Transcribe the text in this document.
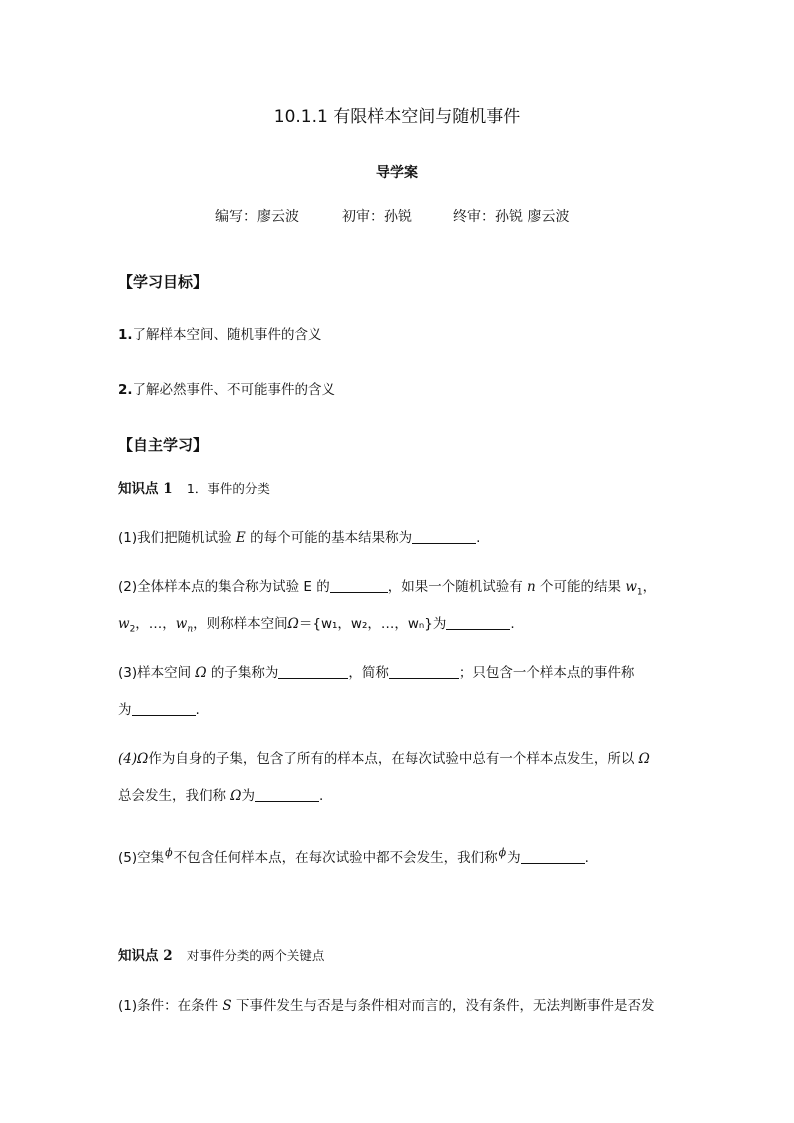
10.1.1 有限样本空间与随机事件
导学案
编写：廖云波	初审：孙锐	终审：孙锐 廖云波
【学习目标】
1.了解样本空间、随机事件的含义
2.了解必然事件、不可能事件的含义
【自主学习】
知识点 1 1．事件的分类
(1)我们把随机试验 E 的每个可能的基本结果称为	.
(2)全体样本点的集合称为试验 E 的	，如果一个随机试验有 n 个可能的结果 $w_1$，
$w_2$，…，$w_n$，则称样本空间Ω＝{w₁，w₂，…，wₙ}为	.
(3)样本空间 Ω 的子集称为	，简称	；只包含一个样本点的事件称
为	.
(4)Ω作为自身的子集，包含了所有的样本点，在每次试验中总有一个样本点发生，所以 Ω
总会发生，我们称 Ω为	.
(5)空集ϕ不包含任何样本点，在每次试验中都不会发生，我们称ϕ为	.
知识点 2 对事件分类的两个关键点
(1)条件：在条件 S 下事件发生与否是与条件相对而言的，没有条件，无法判断事件是否发
